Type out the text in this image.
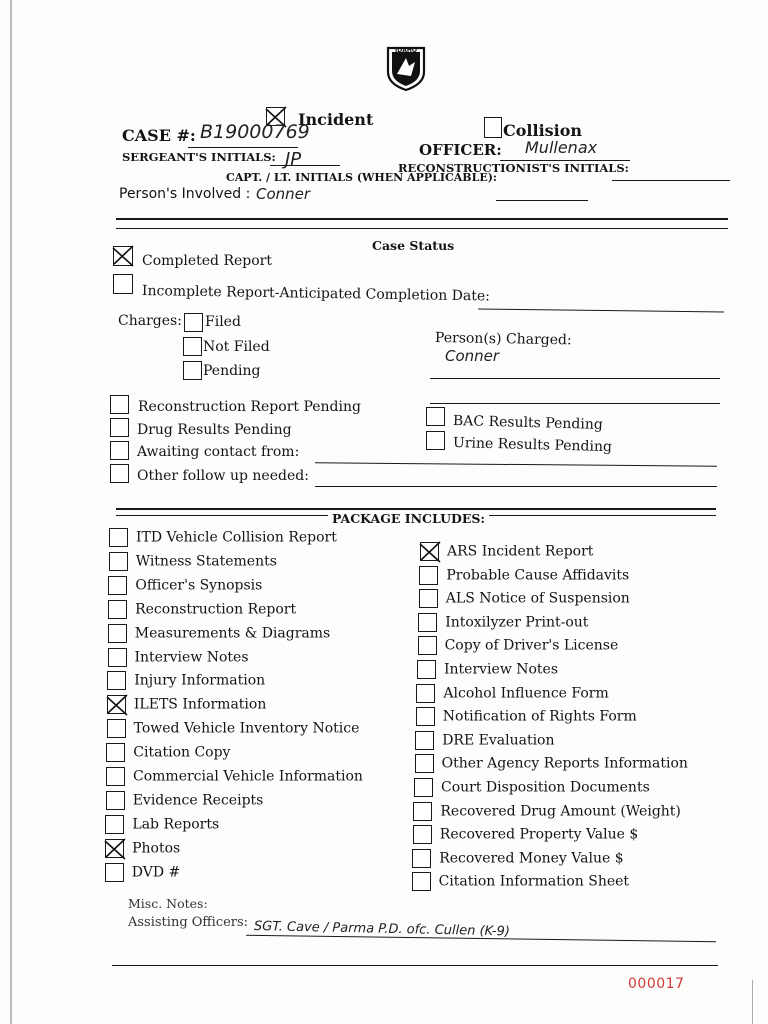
IDAHO
Incident
Collision
CASE #: B19000769
OFFICER: Mullenax
SERGEANT'S INITIALS: JP	RECONSTRUCTIONIST'S INITIALS:
CAPT. / LT. INITIALS (WHEN APPLICABLE):
Person's Involved : Conner
Case Status
Completed Report
Incomplete Report-Anticipated Completion Date:
Charges: Filed
Not Filed
Pending
Person(s) Charged:
Conner
Reconstruction Report Pending
Drug Results Pending
Awaiting contact from:
Other follow up needed:
BAC Results Pending
Urine Results Pending
PACKAGE INCLUDES:
ITD Vehicle Collision Report
Witness Statements
Officer's Synopsis
Reconstruction Report
Measurements & Diagrams
Interview Notes
Injury Information
ILETS Information
Towed Vehicle Inventory Notice
Citation Copy
Commercial Vehicle Information
Evidence Receipts
Lab Reports
Photos
DVD #
ARS Incident Report
Probable Cause Affidavits
ALS Notice of Suspension
Intoxilyzer Print-out
Copy of Driver's License
Interview Notes
Alcohol Influence Form
Notification of Rights Form
DRE Evaluation
Other Agency Reports Information
Court Disposition Documents
Recovered Drug Amount (Weight)
Recovered Property Value $
Recovered Money Value $
Citation Information Sheet
Misc. Notes:
Assisting Officers: SGT. Cave / Parma P.D. ofc. Cullen (K-9)
000017
